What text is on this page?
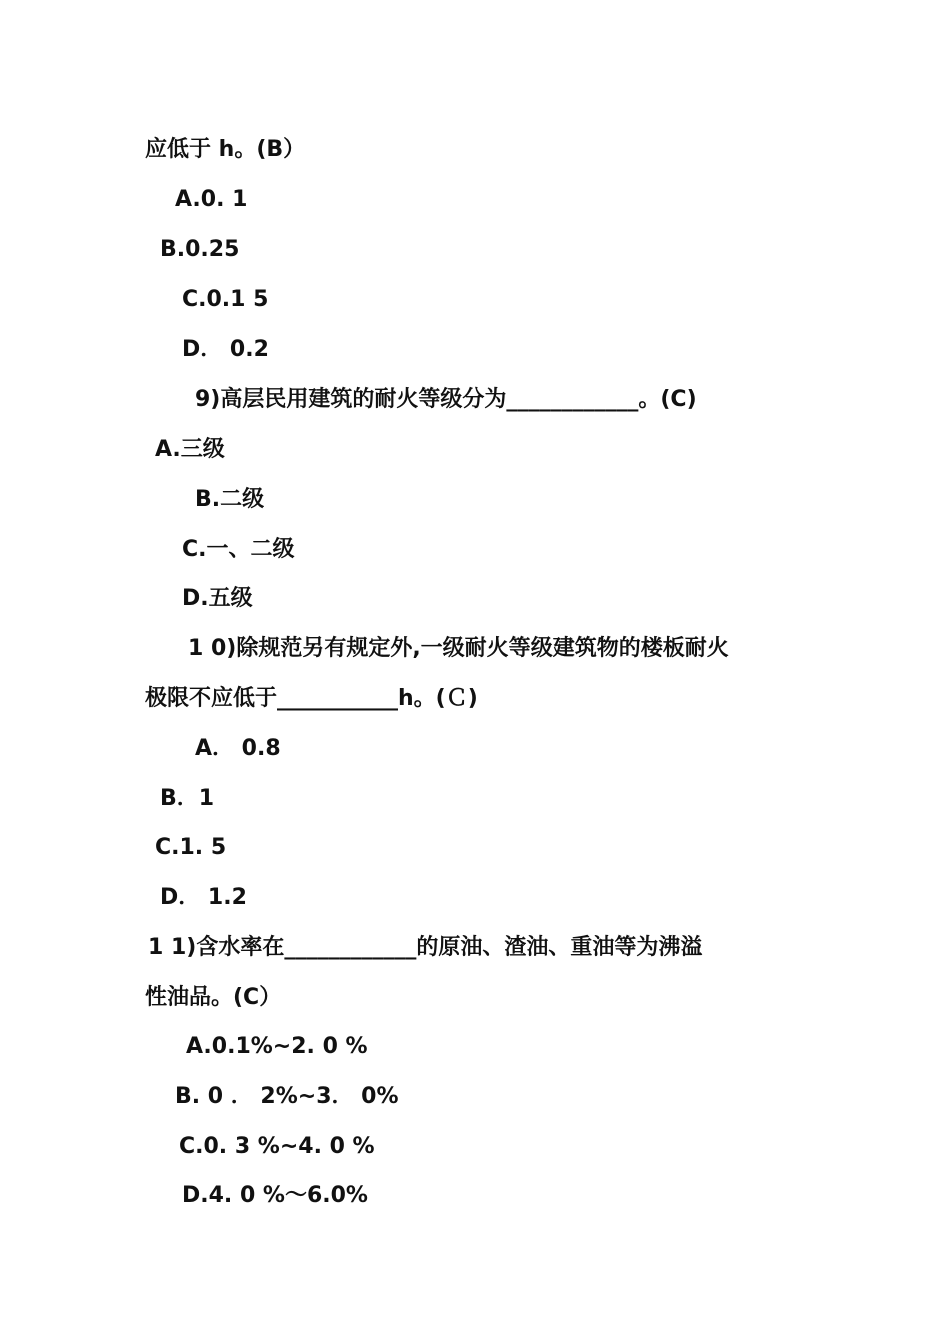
应低于 h。(B）
A.0. 1
B.0.25
C.0.1 5
D． 0.2
9)高层民用建筑的耐火等级分为____________。(C)
A.三级
B.二级
C.一、二级
D.五级
1 0)除规范另有规定外,一级耐火等级建筑物的楼板耐火
极限不应低于___________h。(Ｃ)
A． 0.8
B．1
C.1. 5
D． 1.2
1 1)含水率在____________的原油、渣油、重油等为沸溢
性油品。(C）
A.0.1%~2. 0 %
B. 0 ． 2%~3． 0%
C.0. 3 %~4. 0 %
D.4. 0 %～6.0%
